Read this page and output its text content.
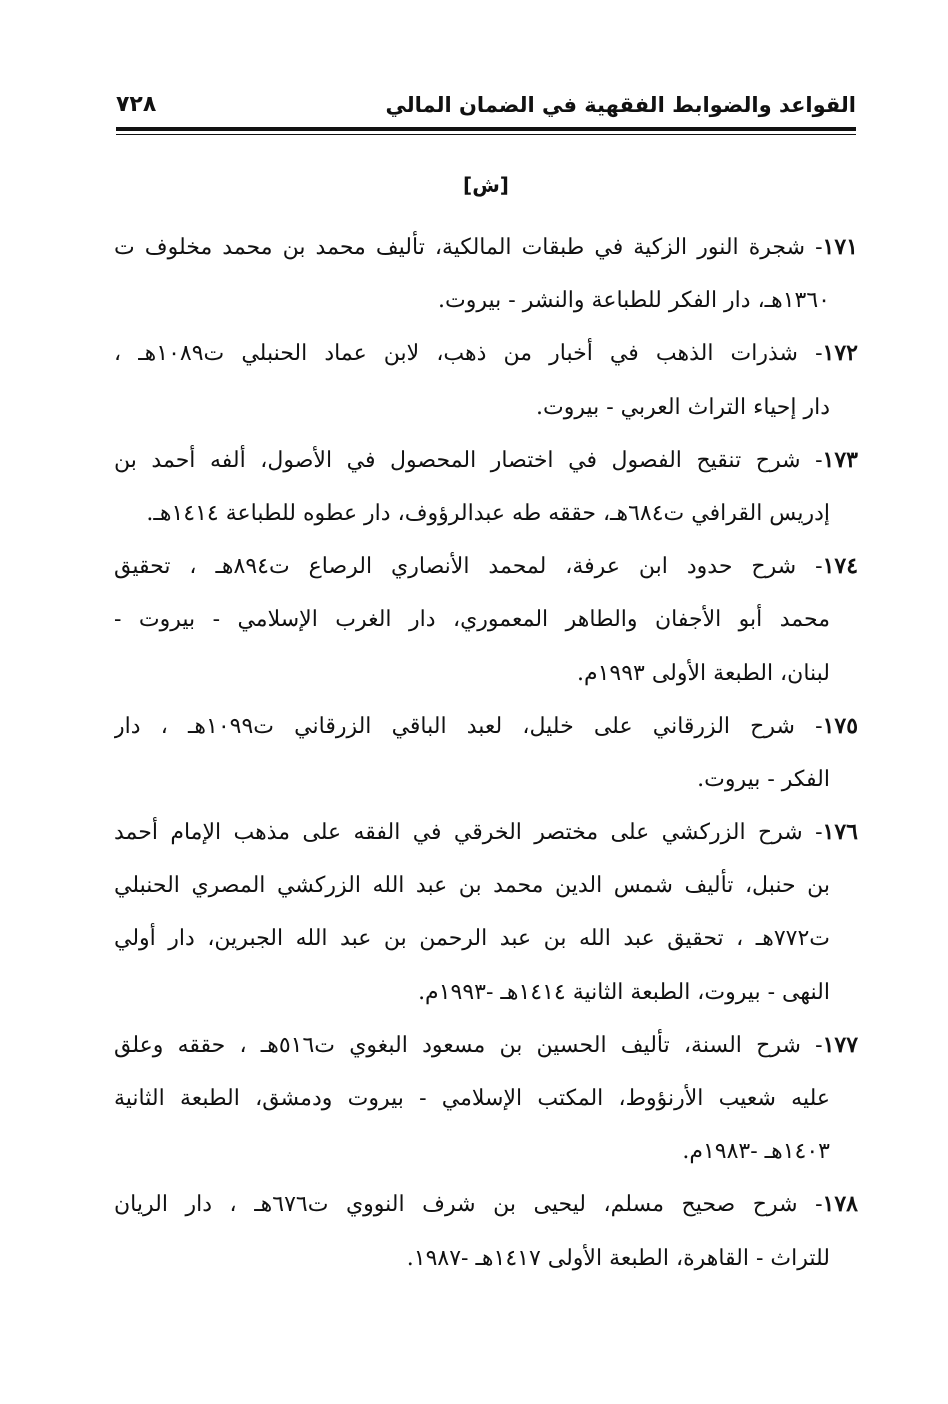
القواعد والضوابط الفقهية في الضمان المالي
٧٢٨
[ش]
١٧١- شجرة النور الزكية في طبقات المالكية، تأليف محمد بن محمد مخلوف ت
١٣٦٠هـ، دار الفكر للطباعة والنشر - بيروت.
١٧٢- شذرات الذهب في أخبار من ذهب، لابن عماد الحنبلي ت١٠٨٩هـ ،
دار إحياء التراث العربي - بيروت.
١٧٣- شرح تنقيح الفصول في اختصار المحصول في الأصول، ألفه أحمد بن
إدريس القرافي ت٦٨٤هـ، حققه طه عبدالرؤوف، دار عطوه للطباعة ١٤١٤هـ.
١٧٤- شرح حدود ابن عرفة، لمحمد الأنصاري الرصاع ت٨٩٤هـ ، تحقيق
محمد أبو الأجفان والطاهر المعموري، دار الغرب الإسلامي - بيروت -
لبنان، الطبعة الأولى ١٩٩٣م.
١٧٥- شرح الزرقاني على خليل، لعبد الباقي الزرقاني ت١٠٩٩هـ ، دار
الفكر - بيروت.
١٧٦- شرح الزركشي على مختصر الخرقي في الفقه على مذهب الإمام أحمد
بن حنبل، تأليف شمس الدين محمد بن عبد الله الزركشي المصري الحنبلي
ت٧٧٢هـ ، تحقيق عبد الله بن عبد الرحمن بن عبد الله الجبرين، دار أولي
النهى - بيروت، الطبعة الثانية ١٤١٤هـ -١٩٩٣م.
١٧٧- شرح السنة، تأليف الحسين بن مسعود البغوي ت٥١٦هـ ، حققه وعلق
عليه شعيب الأرنؤوط، المكتب الإسلامي - بيروت ودمشق، الطبعة الثانية
١٤٠٣هـ -١٩٨٣م.
١٧٨- شرح صحيح مسلم، ليحيى بن شرف النووي ت٦٧٦هـ ، دار الريان
للتراث - القاهرة، الطبعة الأولى ١٤١٧هـ -١٩٨٧.
